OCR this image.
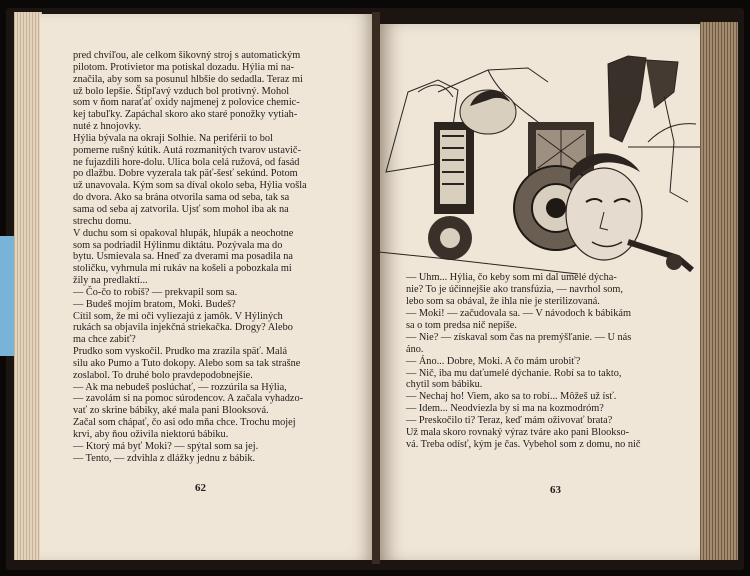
pred chvíľou, ale celkom šikovný stroj s automatickým
pilotom. Protivietor ma potiskal dozadu. Hýlia mi na-
značila, aby som sa posunul hlbšie do sedadla. Teraz mi
už bolo lepšie. Štipľavý vzduch bol protivný. Mohol
som v ňom naraťať oxidy najmenej z polovice chemic-
kej tabuľky. Zapáchal skoro ako staré ponožky vytiah-
nuté z hnojovky.
Hýlia bývala na okraji Solhie. Na periférii to bol
pomerne rušný kútik. Autá rozmanitých tvarov ustavič-
ne fujazdili hore-dolu. Ulica bola celá ružová, od fasád
po dlažbu. Dobre vyzerala tak päť-šesť sekúnd. Potom
už unavovala. Kým som sa díval okolo seba, Hýlia vošla
do dvora. Ako sa brána otvorila sama od seba, tak sa
sama od seba aj zatvorila. Ujsť som mohol iba ak na
strechu domu.
V duchu som si opakoval hlupák, hlupák a neochotne
som sa podriadil Hýlinmu diktátu. Pozývala ma do
bytu. Usmievala sa. Hneď za dverami ma posadila na
stoličku, vyhrnula mi rukáv na košeli a pobozkala mi
žily na predlaktí...
— Čo-čo to robíš? — prekvapil som sa.
— Budeš mojím bratom, Moki. Budeš?
Cítil som, že mi oči vyliezajú z jamôk. V Hýliných
rukách sa objavila injekčná striekačka. Drogy? Alebo
ma chce zabiť?
Prudko som vyskočil. Prudko ma zrazila späť. Malá
silu ako Pumo a Tuto dokopy. Alebo som sa tak strašne
zoslabol. To druhé bolo pravdepodobnejšie.
— Ak ma nebudeš poslúchať, — rozzúrila sa Hýlia,
— zavolám si na pomoc súrodencov. A začala vyhadzo-
vať zo skrine bábiky, aké mala pani Blooksová.
Začal som chápať, čo asi odo mňa chce. Trochu mojej
krvi, aby ňou oživila niektorú bábiku.
— Ktorý má byť Moki? — spýtal som sa jej.
— Tento, — zdvihla z dlážky jednu z bábik.
62
— Uhm... Hýlia, čo keby som mi dal umelé dýcha-
nie? To je účinnejšie ako transfúzia, — navrhol som,
lebo som sa obával, že ihla nie je sterilizovaná.
— Moki! — začudovala sa. — V návodoch k bábikám
sa o tom predsa nič nepíše.
— Nie? — získaval som čas na premýšľanie. — U nás
áno.
— Áno... Dobre, Moki. A čo mám urobiť?
— Nič, iba mu daťumelé dýchanie. Robí sa to takto,
chytil som bábiku.
— Nechaj ho! Viem, ako sa to robí... Môžeš už ísť.
— Idem... Neodviezla by si ma na kozmodróm?
— Preskočilo ti? Teraz, keď mám oživovať brata?
Už mala skoro rovnaký výraz tváre ako pani Blooksо-
vá. Treba odísť, kým je čas. Vybehol som z domu, no nič
63
